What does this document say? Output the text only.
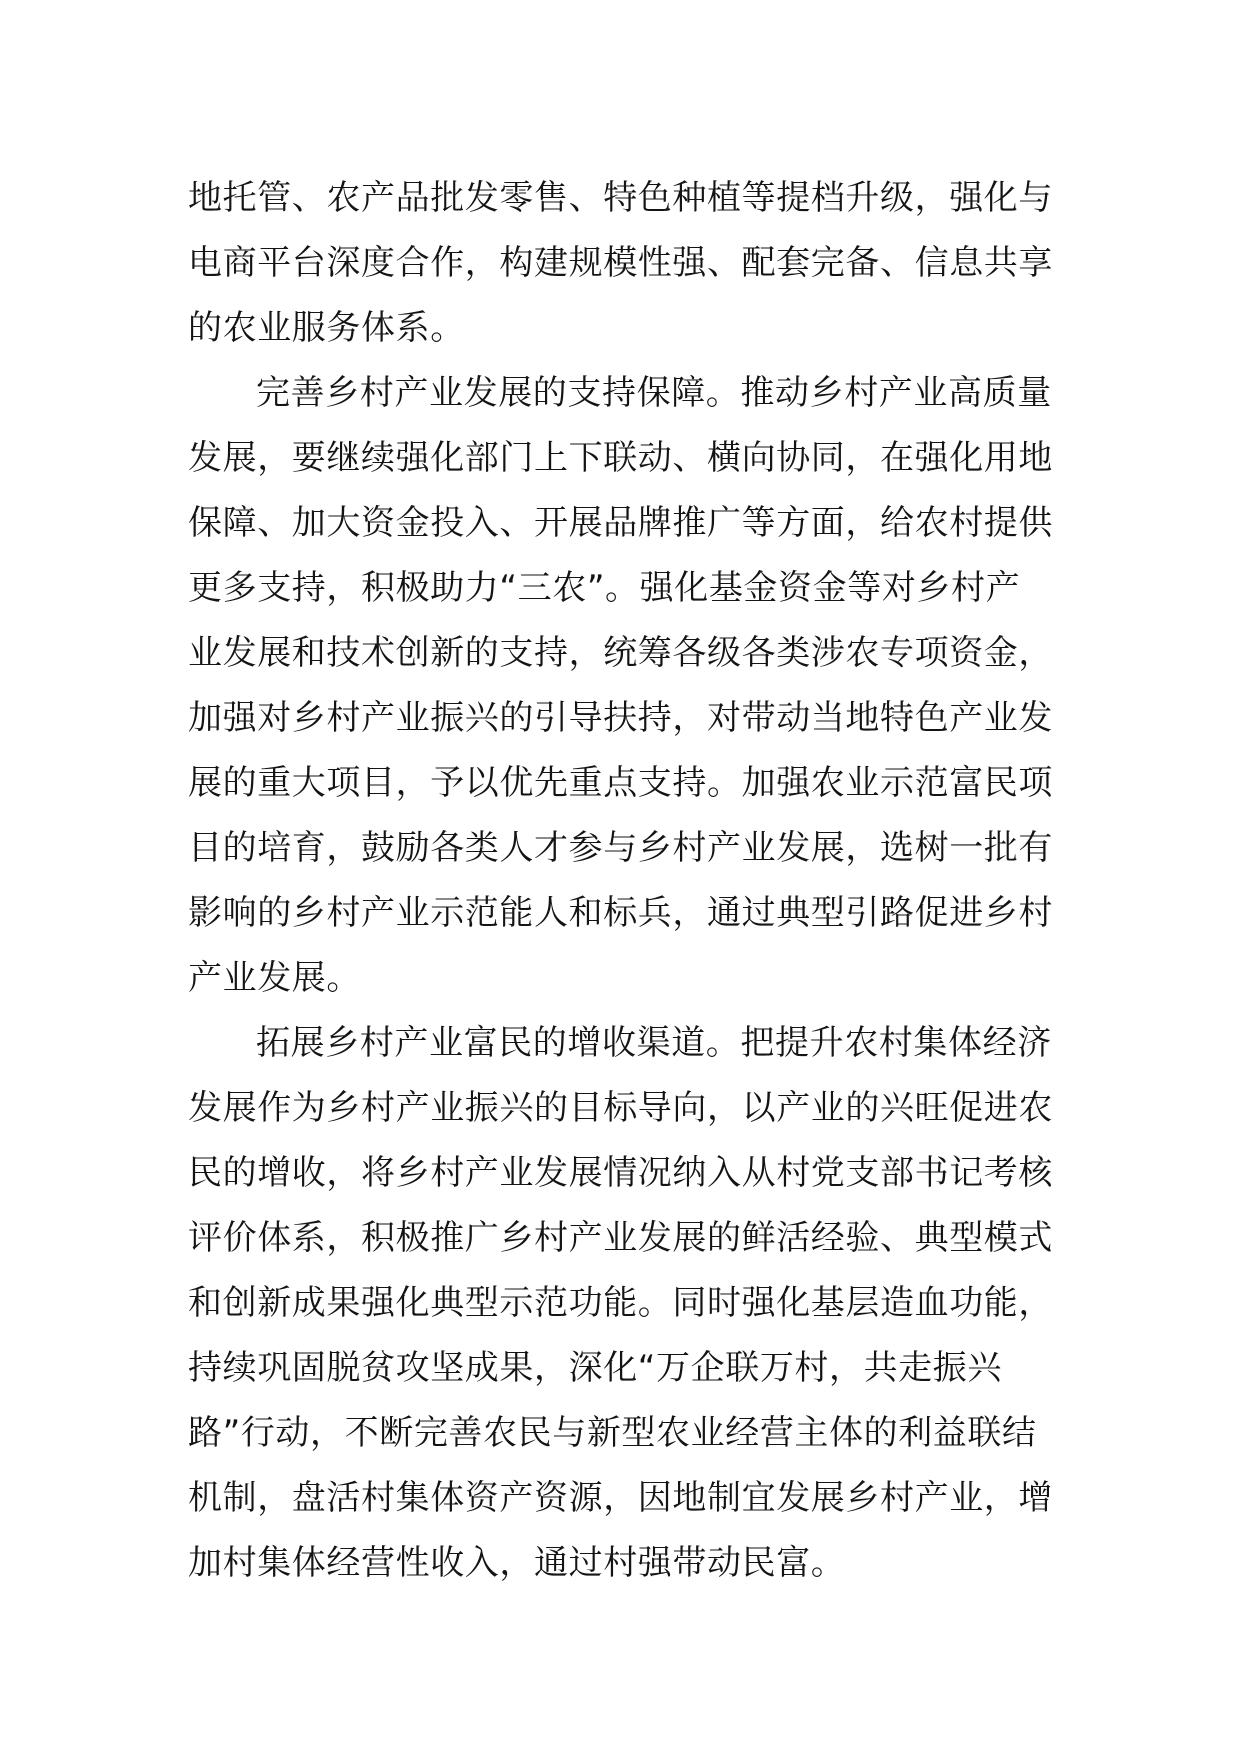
地托管、农产品批发零售、特色种植等提档升级，强化与
电商平台深度合作，构建规模性强、配套完备、信息共享
的农业服务体系。
完善乡村产业发展的支持保障。推动乡村产业高质量
发展，要继续强化部门上下联动、横向协同，在强化用地
保障、加大资金投入、开展品牌推广等方面，给农村提供
更多支持，积极助力“三农”。强化基金资金等对乡村产
业发展和技术创新的支持，统筹各级各类涉农专项资金，
加强对乡村产业振兴的引导扶持，对带动当地特色产业发
展的重大项目，予以优先重点支持。加强农业示范富民项
目的培育，鼓励各类人才参与乡村产业发展，选树一批有
影响的乡村产业示范能人和标兵，通过典型引路促进乡村
产业发展。
拓展乡村产业富民的增收渠道。把提升农村集体经济
发展作为乡村产业振兴的目标导向，以产业的兴旺促进农
民的增收，将乡村产业发展情况纳入从村党支部书记考核
评价体系，积极推广乡村产业发展的鲜活经验、典型模式
和创新成果强化典型示范功能。同时强化基层造血功能，
持续巩固脱贫攻坚成果，深化“万企联万村，共走振兴
路”行动，不断完善农民与新型农业经营主体的利益联结
机制，盘活村集体资产资源，因地制宜发展乡村产业，增
加村集体经营性收入，通过村强带动民富。
